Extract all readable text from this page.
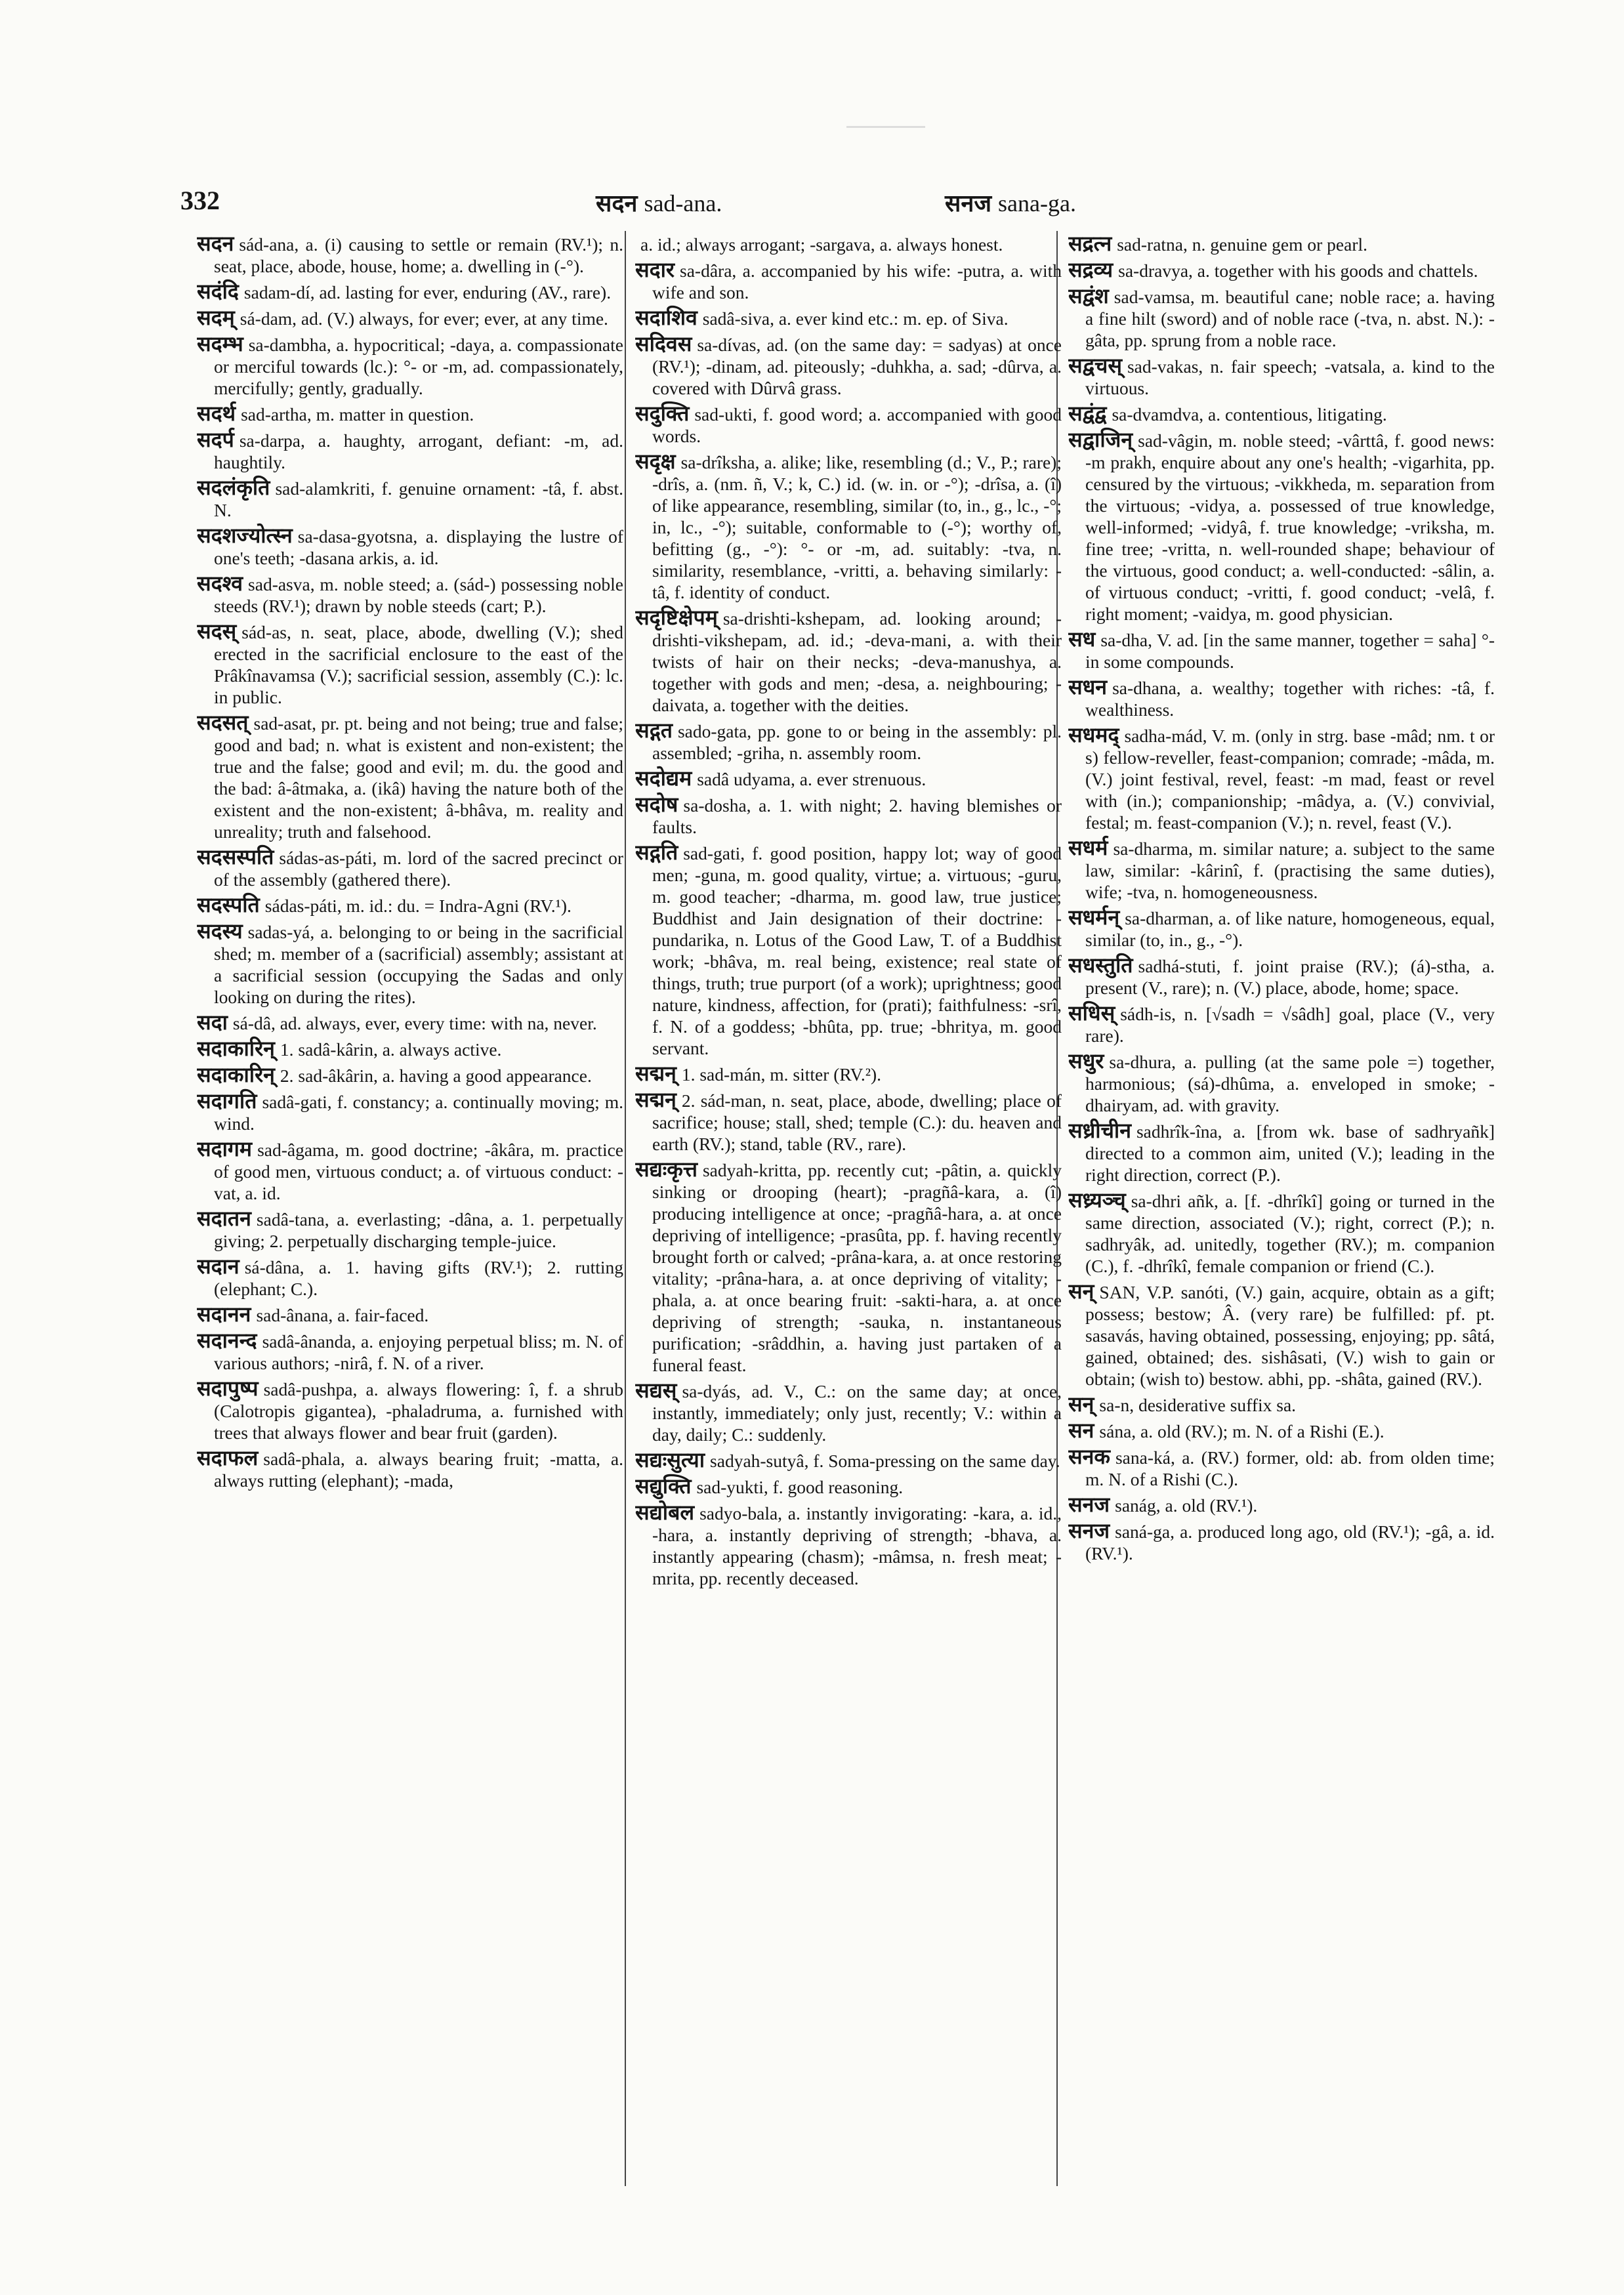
332	सदन sad-ana.	सनज sana-ga.
सदन sád-ana, a. (i) causing to settle or remain (RV.¹); n. seat, place, abode, house, home; a. dwelling in (-°).
सदंदि sadam-dí, ad. lasting for ever, enduring (AV., rare).
सदम् sá-dam, ad. (V.) always, for ever; ever, at any time.
सदम्भ sa-dambha, a. hypocritical; -daya, a. compassionate or merciful towards (lc.): °- or -m, ad. compassionately, mercifully; gently, gradually.
सदर्थ sad-artha, m. matter in question.
सदर्प sa-darpa, a. haughty, arrogant, defiant: -m, ad. haughtily.
सदलंकृति sad-alamkriti, f. genuine ornament: -tâ, f. abst. N.
सदशज्योत्स्न sa-dasa-gyotsna, a. displaying the lustre of one's teeth; -dasana arkis, a. id.
सदश्व sad-asva, m. noble steed; a. (sád-) possessing noble steeds (RV.¹); drawn by noble steeds (cart; P.).
सदस् sád-as, n. seat, place, abode, dwelling (V.); shed erected in the sacrificial enclosure to the east of the Prâkînavamsa (V.); sacrificial session, assembly (C.): lc. in public.
सदसत् sad-asat, pr. pt. being and not being; true and false; good and bad; n. what is existent and non-existent; the true and the false; good and evil; m. du. the good and the bad: â-âtmaka, a. (ikâ) having the nature both of the existent and the non-existent; â-bhâva, m. reality and unreality; truth and falsehood.
सदसस्पति sádas-as-páti, m. lord of the sacred precinct or of the assembly (gathered there).
सदस्पति sádas-páti, m. id.: du. = Indra-Agni (RV.¹).
सदस्य sadas-yá, a. belonging to or being in the sacrificial shed; m. member of a (sacrificial) assembly; assistant at a sacrificial session (occupying the Sadas and only looking on during the rites).
सदा sá-dâ, ad. always, ever, every time: with na, never.
सदाकारिन् 1. sadâ-kârin, a. always active.
सदाकारिन् 2. sad-âkârin, a. having a good appearance.
सदागति sadâ-gati, f. constancy; a. continually moving; m. wind.
सदागम sad-âgama, m. good doctrine; -âkâra, m. practice of good men, virtuous conduct; a. of virtuous conduct: -vat, a. id.
सदातन sadâ-tana, a. everlasting; -dâna, a. 1. perpetually giving; 2. perpetually discharging temple-juice.
सदान sá-dâna, a. 1. having gifts (RV.¹); 2. rutting (elephant; C.).
सदानन sad-ânana, a. fair-faced.
सदानन्द sadâ-ânanda, a. enjoying perpetual bliss; m. N. of various authors; -nirâ, f. N. of a river.
सदापुष्प sadâ-pushpa, a. always flowering: î, f. a shrub (Calotropis gigantea), -phaladruma, a. furnished with trees that always flower and bear fruit (garden).
सदाफल sadâ-phala, a. always bearing fruit; -matta, a. always rutting (elephant); -mada,
a. id.; always arrogant; -sargava, a. always honest.
सदार sa-dâra, a. accompanied by his wife: -putra, a. with wife and son.
सदाशिव sadâ-siva, a. ever kind etc.: m. ep. of Siva.
सदिवस sa-dívas, ad. (on the same day: = sadyas) at once (RV.¹); -dinam, ad. piteously; -duhkha, a. sad; -dûrva, a. covered with Dûrvâ grass.
सदुक्ति sad-ukti, f. good word; a. accompanied with good words.
सदृक्ष sa-drîksha, a. alike; like, resembling (d.; V., P.; rare); -drîs, a. (nm. ñ, V.; k, C.) id. (w. in. or -°); -drîsa, a. (î) of like appearance, resembling, similar (to, in., g., lc., -°; in, lc., -°); suitable, conformable to (-°); worthy of, befitting (g., -°): °- or -m, ad. suitably: -tva, n. similarity, resemblance, -vritti, a. behaving similarly: -tâ, f. identity of conduct.
सदृष्टिक्षेपम् sa-drishti-kshepam, ad. looking around; -drishti-vikshepam, ad. id.; -deva-mani, a. with their twists of hair on their necks; -deva-manushya, a. together with gods and men; -desa, a. neighbouring; -daivata, a. together with the deities.
सद्गत sado-gata, pp. gone to or being in the assembly: pl. assembled; -griha, n. assembly room.
सदोद्यम sadâ udyama, a. ever strenuous.
सदोष sa-dosha, a. 1. with night; 2. having blemishes or faults.
सद्गति sad-gati, f. good position, happy lot; way of good men; -guna, m. good quality, virtue; a. virtuous; -guru, m. good teacher; -dharma, m. good law, true justice; Buddhist and Jain designation of their doctrine: -pundarika, n. Lotus of the Good Law, T. of a Buddhist work; -bhâva, m. real being, existence; real state of things, truth; true purport (of a work); uprightness; good nature, kindness, affection, for (prati); faithfulness: -srî, f. N. of a goddess; -bhûta, pp. true; -bhritya, m. good servant.
सद्मन् 1. sad-mán, m. sitter (RV.²).
सद्मन् 2. sád-man, n. seat, place, abode, dwelling; place of sacrifice; house; stall, shed; temple (C.): du. heaven and earth (RV.); stand, table (RV., rare).
सद्यःकृत्त sadyah-kritta, pp. recently cut; -pâtin, a. quickly sinking or drooping (heart); -pragñâ-kara, a. (î) producing intelligence at once; -pragñâ-hara, a. at once depriving of intelligence; -prasûta, pp. f. having recently brought forth or calved; -prâna-kara, a. at once restoring vitality; -prâna-hara, a. at once depriving of vitality; -phala, a. at once bearing fruit: -sakti-hara, a. at once depriving of strength; -sauka, n. instantaneous purification; -srâddhin, a. having just partaken of a funeral feast.
सद्यस् sa-dyás, ad. V., C.: on the same day; at once, instantly, immediately; only just, recently; V.: within a day, daily; C.: suddenly.
सद्यःसुत्या sadyah-sutyâ, f. Soma-pressing on the same day.
सद्युक्ति sad-yukti, f. good reasoning.
सद्योबल sadyo-bala, a. instantly invigorating: -kara, a. id., -hara, a. instantly depriving of strength; -bhava, a. instantly appearing (chasm); -mâmsa, n. fresh meat; -mrita, pp. recently deceased.
सद्रत्न sad-ratna, n. genuine gem or pearl.
सद्रव्य sa-dravya, a. together with his goods and chattels.
सद्वंश sad-vamsa, m. beautiful cane; noble race; a. having a fine hilt (sword) and of noble race (-tva, n. abst. N.): -gâta, pp. sprung from a noble race.
सद्वचस् sad-vakas, n. fair speech; -vatsala, a. kind to the virtuous.
सद्वंद्व sa-dvamdva, a. contentious, litigating.
सद्वाजिन् sad-vâgin, m. noble steed; -vârttâ, f. good news: -m prakh, enquire about any one's health; -vigarhita, pp. censured by the virtuous; -vikkheda, m. separation from the virtuous; -vidya, a. possessed of true knowledge, well-informed; -vidyâ, f. true knowledge; -vriksha, m. fine tree; -vritta, n. well-rounded shape; behaviour of the virtuous, good conduct; a. well-conducted: -sâlin, a. of virtuous conduct; -vritti, f. good conduct; -velâ, f. right moment; -vaidya, m. good physician.
सध sa-dha, V. ad. [in the same manner, together = saha] °- in some compounds.
सधन sa-dhana, a. wealthy; together with riches: -tâ, f. wealthiness.
सधमद् sadha-mád, V. m. (only in strg. base -mâd; nm. t or s) fellow-reveller, feast-companion; comrade; -mâda, m. (V.) joint festival, revel, feast: -m mad, feast or revel with (in.); companionship; -mâdya, a. (V.) convivial, festal; m. feast-companion (V.); n. revel, feast (V.).
सधर्म sa-dharma, m. similar nature; a. subject to the same law, similar: -kârinî, f. (practising the same duties), wife; -tva, n. homogeneousness.
सधर्मन् sa-dharman, a. of like nature, homogeneous, equal, similar (to, in., g., -°).
सधस्तुति sadhá-stuti, f. joint praise (RV.); (á)-stha, a. present (V., rare); n. (V.) place, abode, home; space.
सधिस् sádh-is, n. [√sadh = √sâdh] goal, place (V., very rare).
सधुर sa-dhura, a. pulling (at the same pole =) together, harmonious; (sá)-dhûma, a. enveloped in smoke; -dhairyam, ad. with gravity.
सध्रीचीन sadhrîk-îna, a. [from wk. base of sadhryañk] directed to a common aim, united (V.); leading in the right direction, correct (P.).
सध्र्यञ्च् sa-dhri añk, a. [f. -dhrîkî] going or turned in the same direction, associated (V.); right, correct (P.); n. sadhryâk, ad. unitedly, together (RV.); m. companion (C.), f. -dhrîkî, female companion or friend (C.).
सन् SAN, V.P. sanóti, (V.) gain, acquire, obtain as a gift; possess; bestow; Â. (very rare) be fulfilled: pf. pt. sasavás, having obtained, possessing, enjoying; pp. sâtá, gained, obtained; des. sishâsati, (V.) wish to gain or obtain; (wish to) bestow. abhi, pp. -shâta, gained (RV.).
सन् sa-n, desiderative suffix sa.
सन sána, a. old (RV.); m. N. of a Rishi (E.).
सनक sana-ká, a. (RV.) former, old: ab. from olden time; m. N. of a Rishi (C.).
सनज sanág, a. old (RV.¹).
सनज saná-ga, a. produced long ago, old (RV.¹); -gâ, a. id. (RV.¹).
